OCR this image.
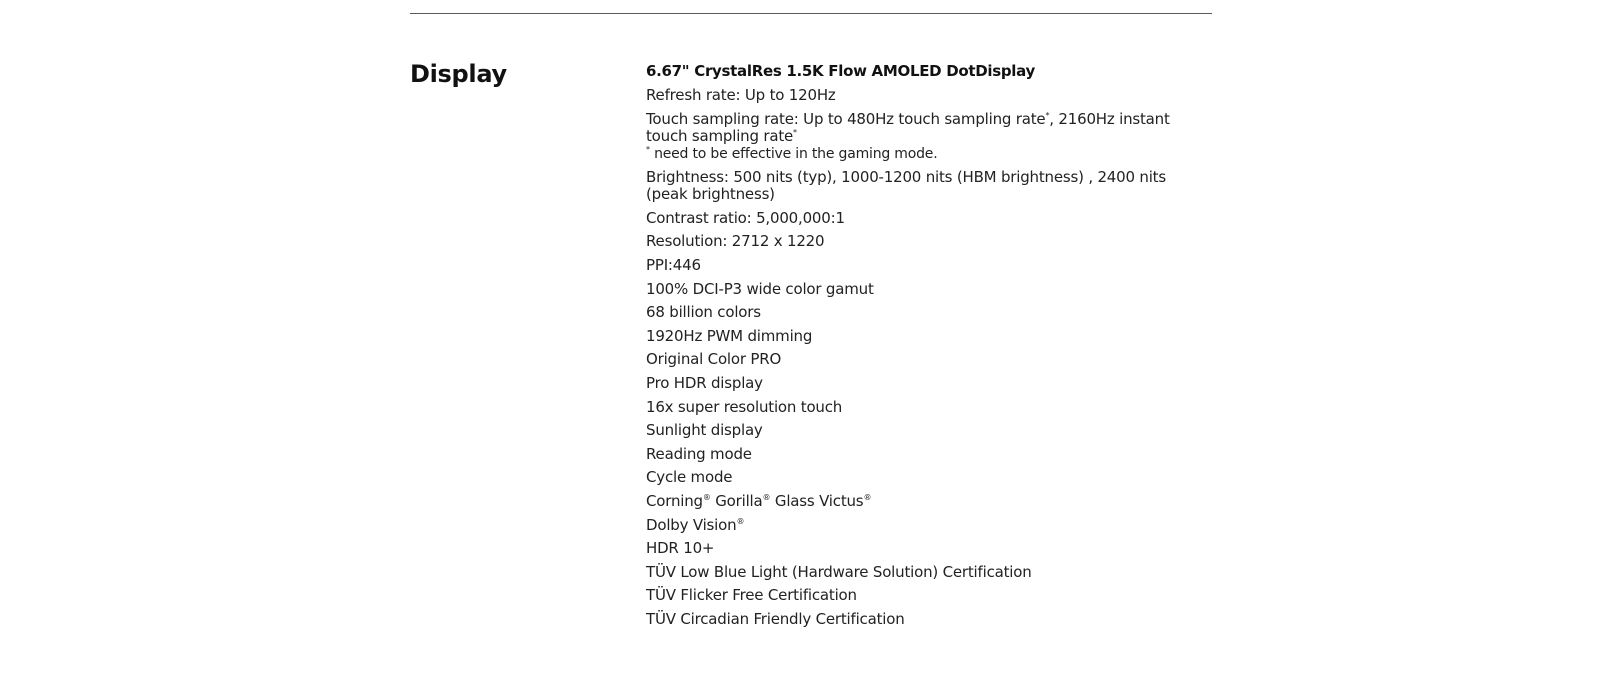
Display	6.67" CrystalRes 1.5K Flow AMOLED DotDisplay
Refresh rate: Up to 120Hz
Touch sampling rate: Up to 480Hz touch sampling rate*, 2160Hz instant touch sampling rate*
* need to be effective in the gaming mode.
Brightness: 500 nits (typ), 1000-1200 nits (HBM brightness) , 2400 nits (peak brightness)
Contrast ratio: 5,000,000:1
Resolution: 2712 x 1220
PPI:446
100% DCI-P3 wide color gamut
68 billion colors
1920Hz PWM dimming
Original Color PRO
Pro HDR display
16x super resolution touch
Sunlight display
Reading mode
Cycle mode
Corning® Gorilla® Glass Victus®
Dolby Vision®
HDR 10+
TÜV Low Blue Light (Hardware Solution) Certification
TÜV Flicker Free Certification
TÜV Circadian Friendly Certification
